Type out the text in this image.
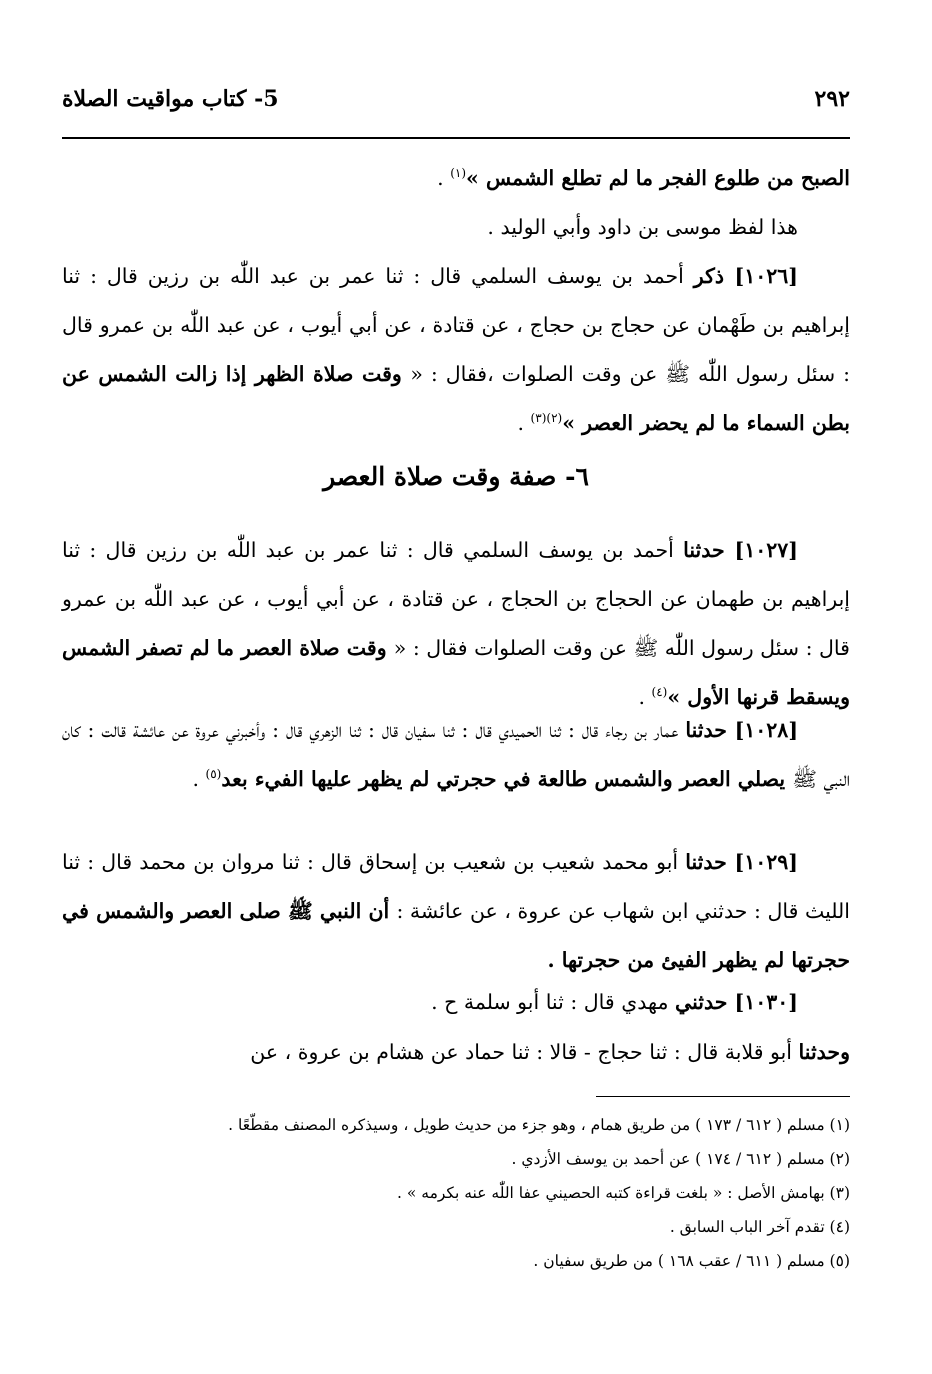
٢٩٢
5- كتاب مواقيت الصلاة

الصبح من طلوع الفجر ما لم تطلع الشمس »$^{(١)}$ .

هذا لفظ موسى بن داود وأبي الوليد .

[١٠٢٦] ذكر أحمد بن يوسف السلمي قال : ثنا عمر بن عبد اللّٰه بن رزين قال : ثنا إبراهيم بن طَهْمان عن حجاج بن حجاج ، عن قتادة ، عن أبي أيوب ، عن عبد اللّٰه بن عمرو قال : سئل رسول اللّٰه ﷺ عن وقت الصلوات ،فقال : « وقت صلاة الظهر إذا زالت الشمس عن بطن السماء ما لم يحضر العصر »$^{(٢)(٣)}$ .

٦- صفة وقت صلاة العصر

[١٠٢٧] حدثنا أحمد بن يوسف السلمي قال : ثنا عمر بن عبد اللّٰه بن رزين قال : ثنا إبراهيم بن طهمان عن الحجاج بن الحجاج ، عن قتادة ، عن أبي أيوب ، عن عبد اللّٰه بن عمرو قال : سئل رسول اللّٰه ﷺ عن وقت الصلوات فقال : « وقت صلاة العصر ما لم تصفر الشمس ويسقط قرنها الأول »$^{(٤)}$ .

[١٠٢٨] حدثنا عمار بن رجاء قال : ثنا الحميدي قال : ثنا سفيان قال : ثنا الزهري قال : وأخبرني عروة عن عائشة قالت : كان النبي ﷺ يصلي العصر والشمس طالعة في حجرتي لم يظهر عليها الفيء بعد$^{(٥)}$ .

[١٠٢٩] حدثنا أبو محمد شعيب بن شعيب بن إسحاق قال : ثنا مروان بن محمد قال : ثنا الليث قال : حدثني ابن شهاب عن عروة ، عن عائشة : أن النبي ﷺ صلى العصر والشمس في حجرتها لم يظهر الفيئ من حجرتها .

[١٠٣٠] حدثني مهدي قال : ثنا أبو سلمة ح .

وحدثنا أبو قلابة قال : ثنا حجاج - قالا : ثنا حماد عن هشام بن عروة ، عن

(١) مسلم ( ٦١٢ / ١٧٣ ) من طريق همام ، وهو جزء من حديث طويل ، وسيذكره المصنف مقطّعًا .

(٢) مسلم ( ٦١٢ / ١٧٤ ) عن أحمد بن يوسف الأزدي .

(٣) بهامش الأصل : « بلغت قراءة كتبه الحصيني عفا اللّٰه عنه بكرمه » .

(٤) تقدم آخر الباب السابق .

(٥) مسلم ( ٦١١ / عقب ١٦٨ ) من طريق سفيان .
